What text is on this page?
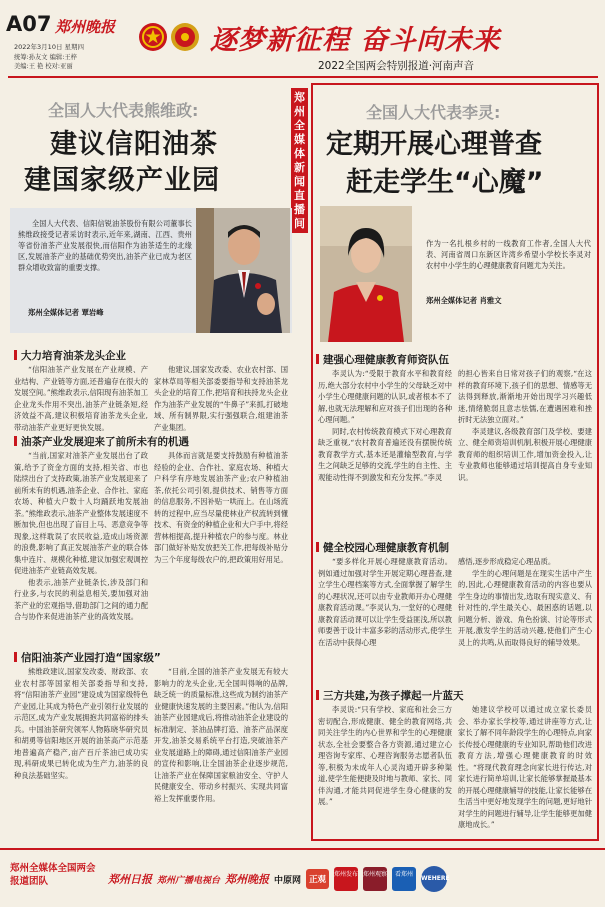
A07 郑州晚报
2022年3月10日 星期四
统筹:孙友文 编辑:王梓
美编:王 艳 校对:亚丽
逐梦新征程 奋斗向未来
2022全国两会特别报道·河南声音
全国人大代表熊维政:
建议信阳油茶
建国家级产业园
郑州全媒体新闻直播间
全国人大代表李灵:
定期开展心理普查
赶走学生“心魔”
全国人大代表、信阳信锐油茶股份有限公司董事长熊维政接受记者采访时表示,近年来,湖南、江西、贵州等省份油茶产业发展很快,而信阳作为油茶适生的北缘区,发展油茶产业的基础优势突出,油茶产业已成为老区群众增收致富的重要支撑。
郑州全媒体记者 覃岩峰
作为一名扎根乡村的一线教育工作者,全国人大代表、河南省周口东新区许湾乡希望小学校长李灵对农村中小学生的心理健康教育问题尤为关注。
郑州全媒体记者 肖雅文
大力培育油茶龙头企业

“信阳油茶产业发展在产业规模、产业结构、产业链等方面,还普遍存在很大的发展空间。”熊维政表示,信阳现有油茶加工企业龙头作用不突出,油茶产业链条短,经济效益不高,建议积极培育油茶龙头企业,带动油茶产业更好更快发展。

他建议,国家发改委、农业农村部、国家林草局等相关部委要指导和支持油茶龙头企业的培育工作,把培育和扶持龙头企业作为油茶产业发展的“牛鼻子”来抓,打破地域、所有制界限,实行强强联合,组建油茶产业集团。

油茶产业发展迎来了前所未有的机遇

“当前,国家对油茶产业发展出台了政策,给予了资金方面的支持,相关省、市也陆续出台了支持政策,油茶产业发展迎来了前所未有的机遇,油茶企业、合作社、家庭农场、种植大户数十人均踊跃地发展油茶。”熊维政表示,油茶产业整体发展速度不断加快,但也出现了盲目上马、恶意竞争等现象,这样耽误了农民收益,造成山场资源的浪费,影响了真正发展油茶产业的联合体集中连片、规模化种植,建议加强宏观调控促进油茶产业链高效发展。

他表示,油茶产业链条长,涉及部门和行业多,与农民的利益息相关,要加强对油茶产业的宏观指导,借助部门之间的通力配合与协作来促进油茶产业的高效发展。

具体而言就是要支持鼓励有种植油茶经验的企业、合作社、家庭农场、种植大户科学有序地发展油茶产业;农户种植油茶,依托公司引领,提供技术、销售等方面的信息服务,不因补贴一哄而上。在山场流转的过程中,应当尽量使林业产权流转到懂技术、有资金的种植企业和大户手中,将经营林相提高,提升种植农户的参与度。林业部门做好补贴发放把关工作,把每级补贴分为三个年度每级农户的,把政策用好用足。

信阳油茶产业园打造“国家级”

熊维政建议,国家发改委、财政部、农业农村部等国家相关部委指导和支持,将“信阳油茶产业园”建设成为国家级特色产业园,让其成为特色产业引领行业发展的示范区,成为产业发展拥抱共同富裕的排头兵。中国油茶研究领军人物陈晓华研究员和胡勇等信阳地区开展的油茶高产示范基地普遍高产稳产,亩产百斤茶油已成功实现,科研成果已转化成为生产力,油茶的良种良法基础坚实。

“目前,全国的油茶产业发展无有较大影响力的龙头企业,无全国叫得响的品牌,缺乏统一的质量标准,这些成为制约油茶产业健康快速发展的主要因素。”他认为,信阳油茶产业园建成后,将推动油茶企业建设的标准制定、茶油品牌打造、油茶产品深度开发,油茶交易系统平台打造,突破油茶产业发展道路上的障碍,通过信阳油茶产业园的宣传和影响,让全国油茶企业逐步规范,让油茶产业在保障国家粮油安全、守护人民健康安全、带动乡村振兴、实现共同富裕上发挥重要作用。

建强心理健康教育师资队伍

李灵认为:“受限于教育水平和教育经历,绝大部分农村中小学生的父母缺乏对中小学生心理健康问题的认识,或者根本不了解,也就无法理解和应对孩子们出现的各种心理问题。”

同时,农村传统教育模式下对心理教育缺乏重视,“农村教育普遍还没有摆脱传统教育教学方式,基本还是灌输型教育,与学生之间缺乏足够的交流,学生的自主性、主观能动性得不到激发和充分发挥。”李灵

的担心皆来自日常对孩子们的观察,“在这样的教育环境下,孩子们的思想、情感等无法得到释放,渐渐地开始出现学习兴趣低迷,情绪脆弱且意志怯懦,在遭遇困难和挫折时无法独立面对。”

李灵建议,各级教育部门及学校、要建立、健全师资培训机制,积极开展心理健康教育师的组织培训工作,增加资金投入,让专业教师也能够通过培训提高自身专业知识。

健全校园心理健康教育机制

“要多样化开展心理健康教育活动。例如通过加强对学生开展定期心理普查,建立学生心理档案等方式,全面掌握了解学生的心理状况,还可以由专业教师开办心理健康教育活动课。”李灵认为,一堂好的心理健康教育活动课可以让学生受益匪浅,所以教师要善于设计丰富多彩的活动形式,使学生在活动中获得心理

感悟,逐步形成稳定心理品质。

学生的心理问题是在现实生活中产生的,因此,心理健康教育活动的内容也要从学生身边的事情出发,选取有现实意义、有针对性的,学生最关心、最困惑的话题,以问题分析、游戏、角色扮演、讨论等形式开展,激发学生的活动兴趣,使他们产生心灵上的共鸣,从而取得良好的辅导效果。

三方共建,为孩子撑起一片蓝天

李灵说:“只有学校、家庭和社会三方密切配合,形成健康、健全的教育网络,共同关注学生的内心世界和学生的心理健康状态,全社会要整合各方资源,通过建立心理咨询专家库、心理咨询服务志愿者队伍等,积极为未成年人心灵沟通开辟多种渠道,使学生能便捷及时地与教师、家长、同伴沟通,才能共同促进学生身心健康的发展。”

她建议学校可以通过成立家长委员会、举办家长学校等,通过讲座等方式,让家长了解不同年龄段学生的心理特点,向家长传授心理健康的专业知识,帮助他们改进教育方法,增强心理健康教育的时效性。“将现代教育理念向家长进行传达,对家长进行简单培训,让家长能够掌握最基本的开展心理健康辅导的技能,让家长能够在生活当中更好地发现学生的问题,更好地针对学生的问题进行辅导,让学生能够更加健康地成长。”

郑州全媒体全国两会报道团队	郑州日报 郑州广播电视台 郑州晚报 中原网 正观
郑州发布 郑州观察	看郑州
WEHERE
